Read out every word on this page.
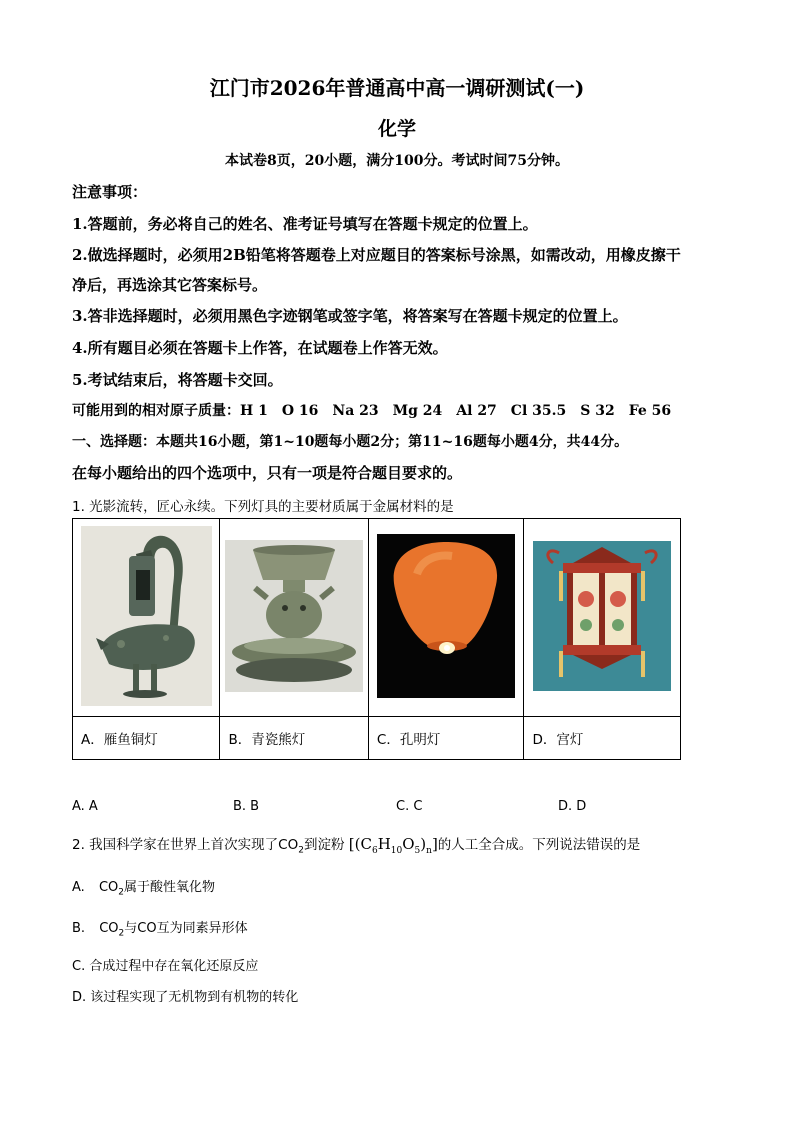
江门市2026年普通高中高一调研测试(一)
化学
本试卷8页，20小题，满分100分。考试时间75分钟。
注意事项：
1.答题前，务必将自己的姓名、准考证号填写在答题卡规定的位置上。
2.做选择题时，必须用2B铅笔将答题卷上对应题目的答案标号涂黑，如需改动，用橡皮擦干
净后，再选涂其它答案标号。
3.答非选择题时，必须用黑色字迹钢笔或签字笔，将答案写在答题卡规定的位置上。
4.所有题目必须在答题卡上作答，在试题卷上作答无效。
5.考试结束后，将答题卡交回。
可能用到的相对原子质量：H 1　O 16　Na 23　Mg 24　Al 27　Cl 35.5　S 32　Fe 56
一、选择题：本题共16小题，第1~10题每小题2分；第11~16题每小题4分，共44分。
在每小题给出的四个选项中，只有一项是符合题目要求的。
1. 光影流转，匠心永续。下列灯具的主要材质属于金属材料的是

A．雁鱼铜灯	B．青瓷熊灯	C．孔明灯	D．宫灯
A. A	B. B	C. C	D. D
2. 我国科学家在世界上首次实现了$CO_2$到淀粉 $[(C_6H_{10}O_5)_n]$的人工全合成。下列说法错误的是
A. $CO_2$属于酸性氧化物
B. $CO_2$与CO互为同素异形体
C. 合成过程中存在氧化还原反应
D. 该过程实现了无机物到有机物的转化
